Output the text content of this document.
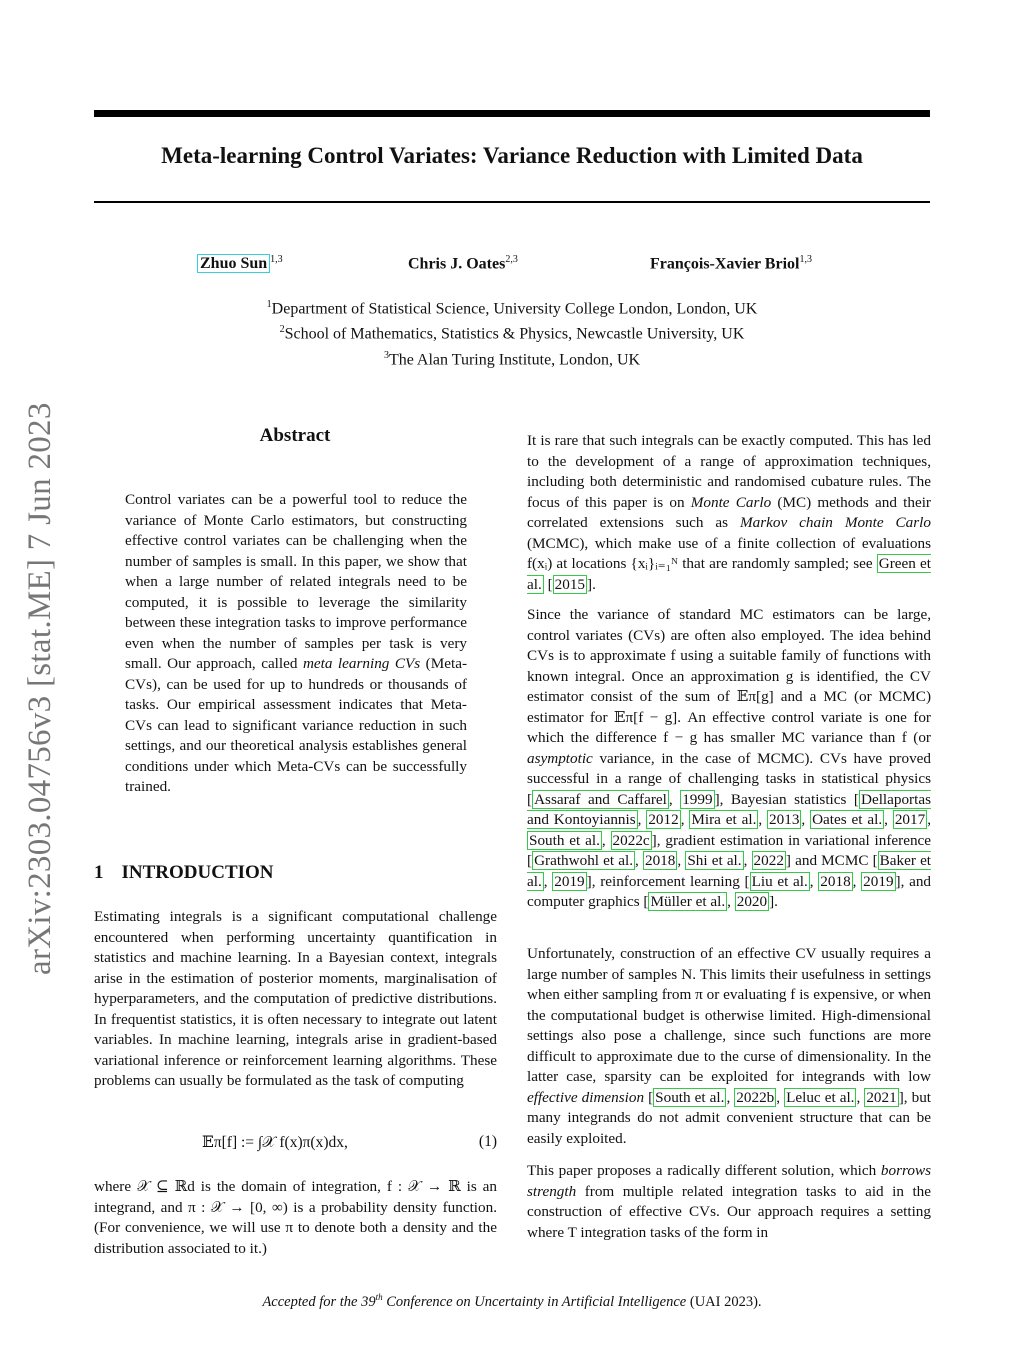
Meta-learning Control Variates: Variance Reduction with Limited Data
Zhuo Sun $^{1,3}$	Chris J. Oates$^{2,3}$	François-Xavier Briol$^{1,3}$
$^1$Department of Statistical Science, University College London, London, UK
$^2$School of Mathematics, Statistics & Physics, Newcastle University, UK
$^3$The Alan Turing Institute, London, UK
arXiv:2303.04756v3 [stat.ME] 7 Jun 2023	Abstract

Control variates can be a powerful tool to reduce the variance of Monte Carlo estimators, but constructing effective control variates can be challenging when the number of samples is small. In this paper, we show that when a large number of related integrals need to be computed, it is possible to leverage the similarity between these integration tasks to improve performance even when the number of samples per task is very small. Our approach, called meta learning CVs (Meta-CVs), can be used for up to hundreds or thousands of tasks. Our empirical assessment indicates that Meta-CVs can lead to significant variance reduction in such settings, and our theoretical analysis establishes general conditions under which Meta-CVs can be successfully trained.

1 INTRODUCTION

Estimating integrals is a significant computational challenge encountered when performing uncertainty quantification in statistics and machine learning. In a Bayesian context, integrals arise in the estimation of posterior moments, marginalisation of hyperparameters, and the computation of predictive distributions. In frequentist statistics, it is often necessary to integrate out latent variables. In machine learning, integrals arise in gradient-based variational inference or reinforcement learning algorithms. These problems can usually be formulated as the task of computing

𝔼π[f] := ∫𝒳 f(x)π(x)dx,	(1)

where 𝒳 ⊆ ℝd is the domain of integration, f : 𝒳 → ℝ is an integrand, and π : 𝒳 → [0, ∞) is a probability density function. (For convenience, we will use π to denote both a density and the distribution associated to it.)

It is rare that such integrals can be exactly computed. This has led to the development of a range of approximation techniques, including both deterministic and randomised cubature rules. The focus of this paper is on Monte Carlo (MC) methods and their correlated extensions such as Markov chain Monte Carlo (MCMC), which make use of a finite collection of evaluations f(xᵢ) at locations {xᵢ}ᵢ₌₁ᴺ that are randomly sampled; see Green et al. [ 2015 ].

Since the variance of standard MC estimators can be large, control variates (CVs) are often also employed. The idea behind CVs is to approximate f using a suitable family of functions with known integral. Once an approximation g is identified, the CV estimator consist of the sum of 𝔼π[g] and a MC (or MCMC) estimator for 𝔼π[f − g]. An effective control variate is one for which the difference f − g has smaller MC variance than f (or asymptotic variance, in the case of MCMC). CVs have proved successful in a range of challenging tasks in statistical physics [ Assaraf and Caffarel , 1999 ], Bayesian statistics [ Dellaportas and Kontoyiannis , 2012 , Mira et al. , 2013 , Oates et al. , 2017 , South et al. , 2022c ], gradient estimation in variational inference [ Grathwohl et al. , 2018 , Shi et al. , 2022 ] and MCMC [ Baker et al. , 2019 ], reinforcement learning [ Liu et al. , 2018 , 2019 ], and computer graphics [ Müller et al. , 2020 ].

Unfortunately, construction of an effective CV usually requires a large number of samples N. This limits their usefulness in settings when either sampling from π or evaluating f is expensive, or when the computational budget is otherwise limited. High-dimensional settings also pose a challenge, since such functions are more difficult to approximate due to the curse of dimensionality. In the latter case, sparsity can be exploited for integrands with low effective dimension [ South et al. , 2022b , Leluc et al. , 2021 ], but many integrands do not admit convenient structure that can be easily exploited.

This paper proposes a radically different solution, which borrows strength from multiple related integration tasks to aid in the construction of effective CVs. Our approach requires a setting where T integration tasks of the form in

Accepted for the 39th Conference on Uncertainty in Artificial Intelligence (UAI 2023).
